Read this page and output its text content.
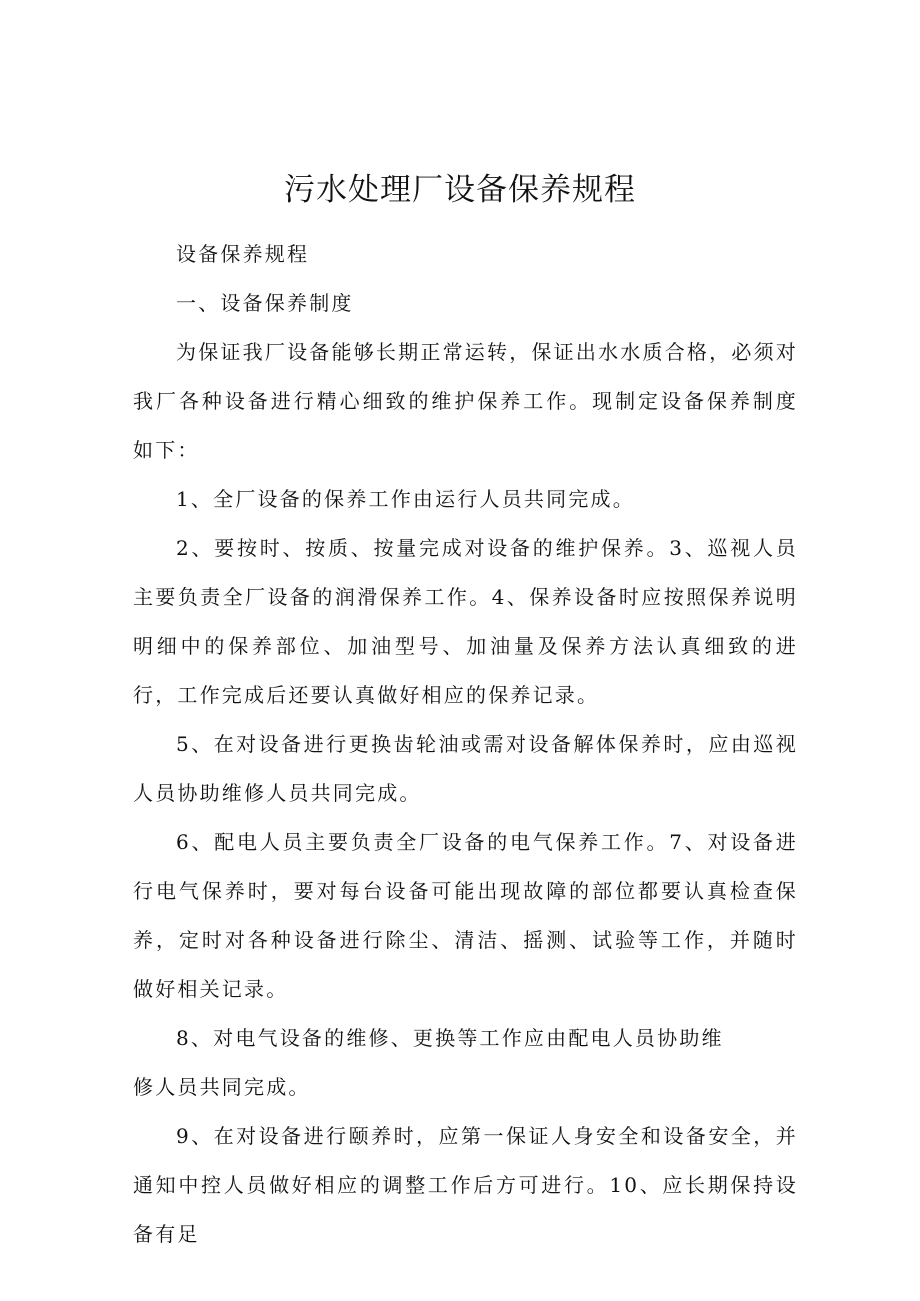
污水处理厂设备保养规程

设备保养规程

一、设备保养制度

为保证我厂设备能够长期正常运转，保证出水水质合格，必须对我厂各种设备进行精心细致的维护保养工作。现制定设备保养制度如下：

1、全厂设备的保养工作由运行人员共同完成。

2、要按时、按质、按量完成对设备的维护保养。3、巡视人员主要负责全厂设备的润滑保养工作。4、保养设备时应按照保养说明明细中的保养部位、加油型号、加油量及保养方法认真细致的进行，工作完成后还要认真做好相应的保养记录。

5、在对设备进行更换齿轮油或需对设备解体保养时，应由巡视人员协助维修人员共同完成。

6、配电人员主要负责全厂设备的电气保养工作。7、对设备进行电气保养时，要对每台设备可能出现故障的部位都要认真检查保养，定时对各种设备进行除尘、清洁、摇测、试验等工作，并随时做好相关记录。

8、对电气设备的维修、更换等工作应由配电人员协助维

修人员共同完成。

9、在对设备进行颐养时，应第一保证人身安全和设备安全，并通知中控人员做好相应的调整工作后方可进行。10、应长期保持设备有足
